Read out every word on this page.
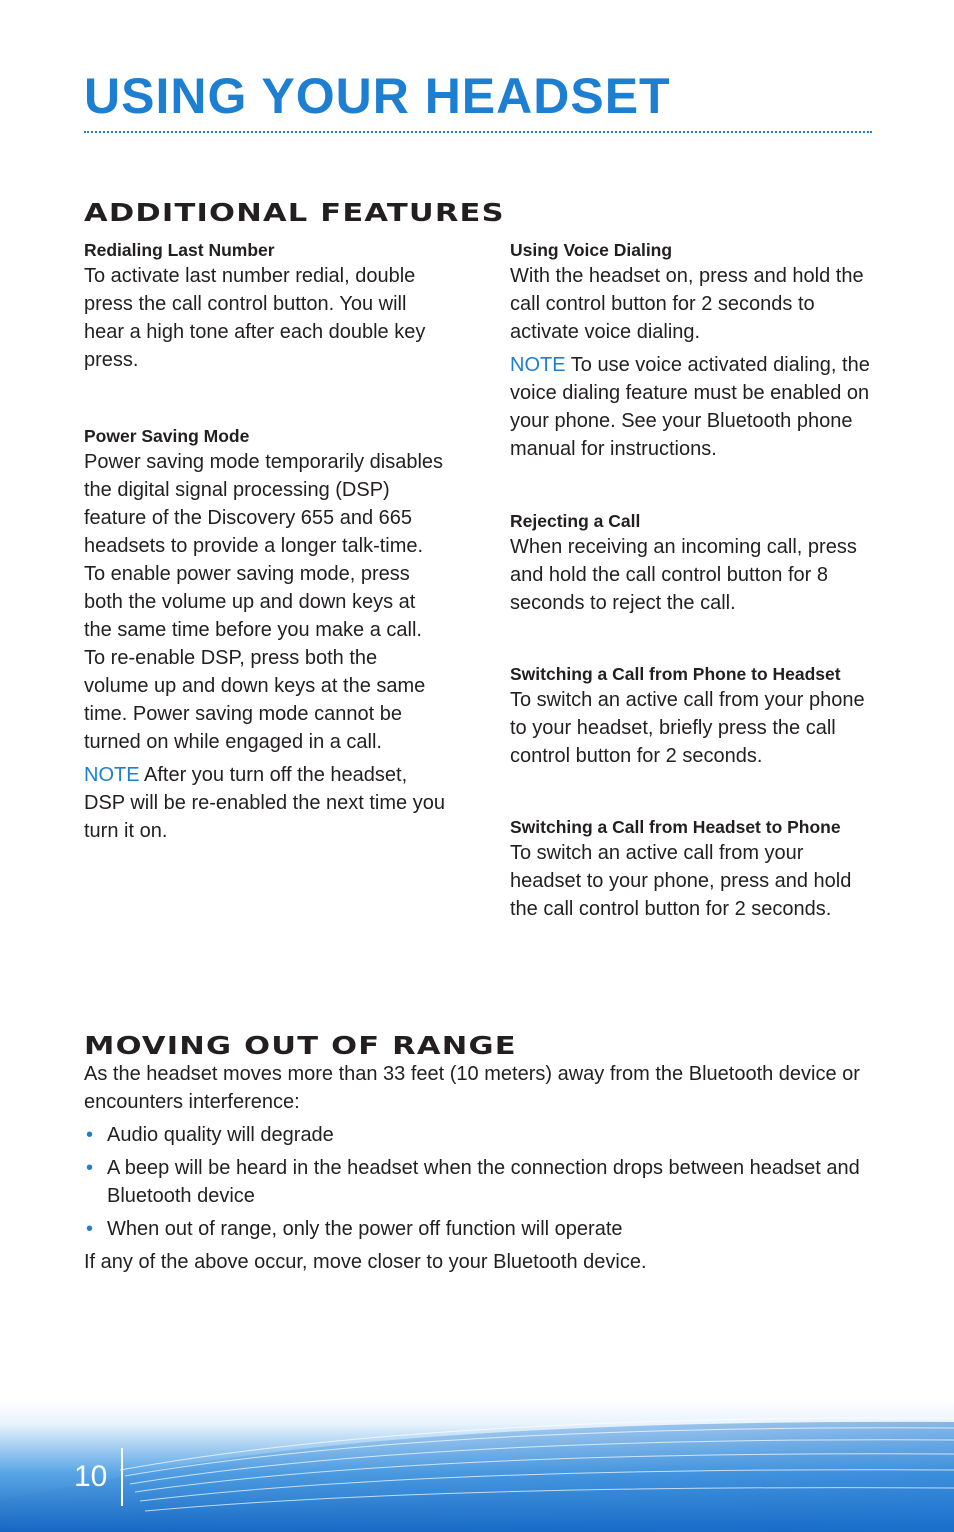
USING YOUR HEADSET
ADDITIONAL FEATURES
Redialing Last Number

To activate last number redial, double press the call control button. You will hear a high tone after each double key press.

Power Saving Mode

Power saving mode temporarily disables the digital signal processing (DSP) feature of the Discovery 655 and 665 headsets to provide a longer talk-time. To enable power saving mode, press both the volume up and down keys at the same time before you make a call. To re-enable DSP, press both the volume up and down keys at the same time. Power saving mode cannot be turned on while engaged in a call.

NOTE After you turn off the headset, DSP will be re-enabled the next time you turn it on.

Using Voice Dialing

With the headset on, press and hold the call control button for 2 seconds to activate voice dialing.

NOTE To use voice activated dialing, the voice dialing feature must be enabled on your phone. See your Bluetooth phone manual for instructions.

Rejecting a Call

When receiving an incoming call, press and hold the call control button for 8 seconds to reject the call.

Switching a Call from Phone to Headset

To switch an active call from your phone to your headset, briefly press the call control button for 2 seconds.

Switching a Call from Headset to Phone

To switch an active call from your headset to your phone, press and hold the call control button for 2 seconds.

MOVING OUT OF RANGE

As the headset moves more than 33 feet (10 meters) away from the Bluetooth device or encounters interference:

• Audio quality will degrade
• A beep will be heard in the headset when the connection drops between headset and Bluetooth device
• When out of range, only the power off function will operate

If any of the above occur, move closer to your Bluetooth device.

10
